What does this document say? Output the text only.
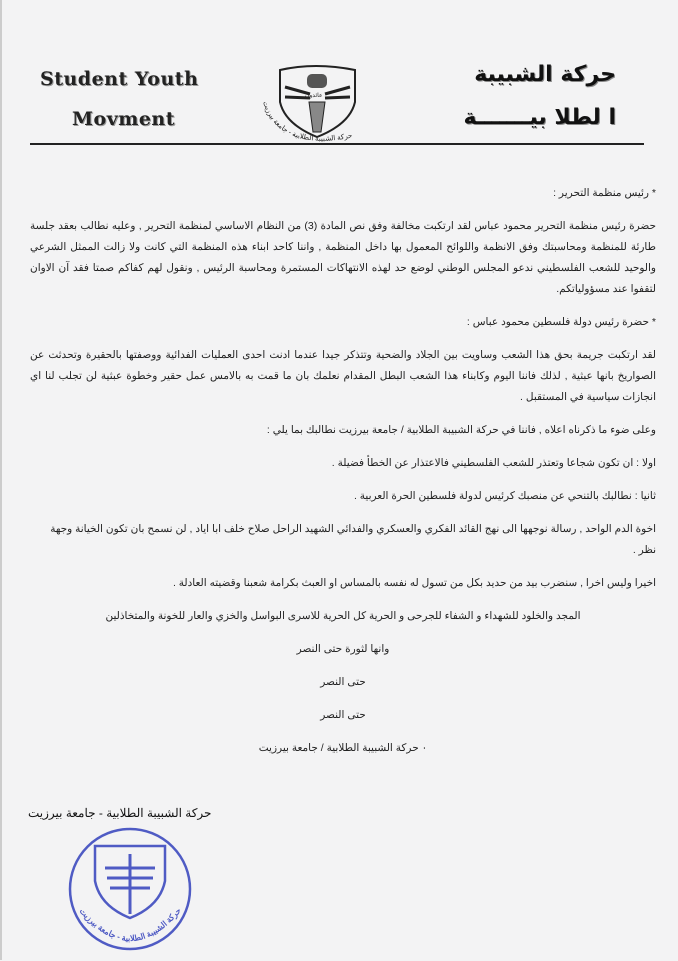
Student Youth
Movment
عائدون
حركة الشبيبة الطلابية - جامعة بيرزيت
حركة الشبيبة
ا لطلا بيـــــــة
* رئيس منظمة التحرير :
حضرة رئيس منظمة التحرير محمود عباس لقد ارتكبت مخالفة وفق نص المادة (3) من النظام الاساسي لمنظمة التحرير , وعليه نطالب بعقد جلسة طارئة للمنظمة ومحاسبتك وفق الانظمة واللوائح المعمول بها داخل المنظمة , واننا كاحد ابناء هذه المنظمة التي كانت ولا زالت الممثل الشرعي والوحيد للشعب الفلسطيني ندعو المجلس الوطني لوضع حد لهذه الانتهاكات المستمرة ومحاسبة الرئيس , ونقول لهم كفاكم صمتا فقد آن الاوان لتقفوا عند مسؤولياتكم.
* حضرة رئيس دولة فلسطين محمود عباس :
لقد ارتكبت جريمة بحق هذا الشعب وساويت بين الجلاد والضحية وتتذكر جيدا عندما ادنت احدى العمليات الفدائية ووصفتها بالحقيرة وتحدثت عن الصواريخ بانها عبثية , لذلك فاننا اليوم وكابناء هذا الشعب البطل المقدام نعلمك بان ما قمت به بالامس عمل حقير وخطوة عبثية لن تجلب لنا اي انجازات سياسية في المستقبل .
وعلى ضوء ما ذكرناه اعلاه , فاننا في حركة الشبيبة الطلابية / جامعة بيرزيت نطالبك بما يلي :
اولا : ان تكون شجاعا وتعتذر للشعب الفلسطيني فالاعتذار عن الخطأ فضيلة .
ثانيا : نطالبك بالتنحي عن منصبك كرئيس لدولة فلسطين الحرة العربية .
اخوة الدم الواحد , رسالة نوجهها الى نهج القائد الفكري والعسكري والفدائي الشهيد الراحل صلاح خلف ابا اياد , لن نسمح بان تكون الخيانة وجهة نظر .
اخيرا وليس اخرا , سنضرب بيد من حديد بكل من تسول له نفسه بالمساس او العبث بكرامة شعبنا وقضيته العادلة .
المجد والخلود للشهداء و الشفاء للجرحى و الحرية كل الحرية للاسرى البواسل والخزي والعار للخونة والمتخاذلين
وانها لثورة حتى النصر
حتى النصر
حتى النصر
٠ حركة الشبيبة الطلابية / جامعة بيرزيت
حركة الشبيبة الطلابية - جامعة بيرزيت
حركة الشبيبة الطلابية - جامعة بيرزيت
